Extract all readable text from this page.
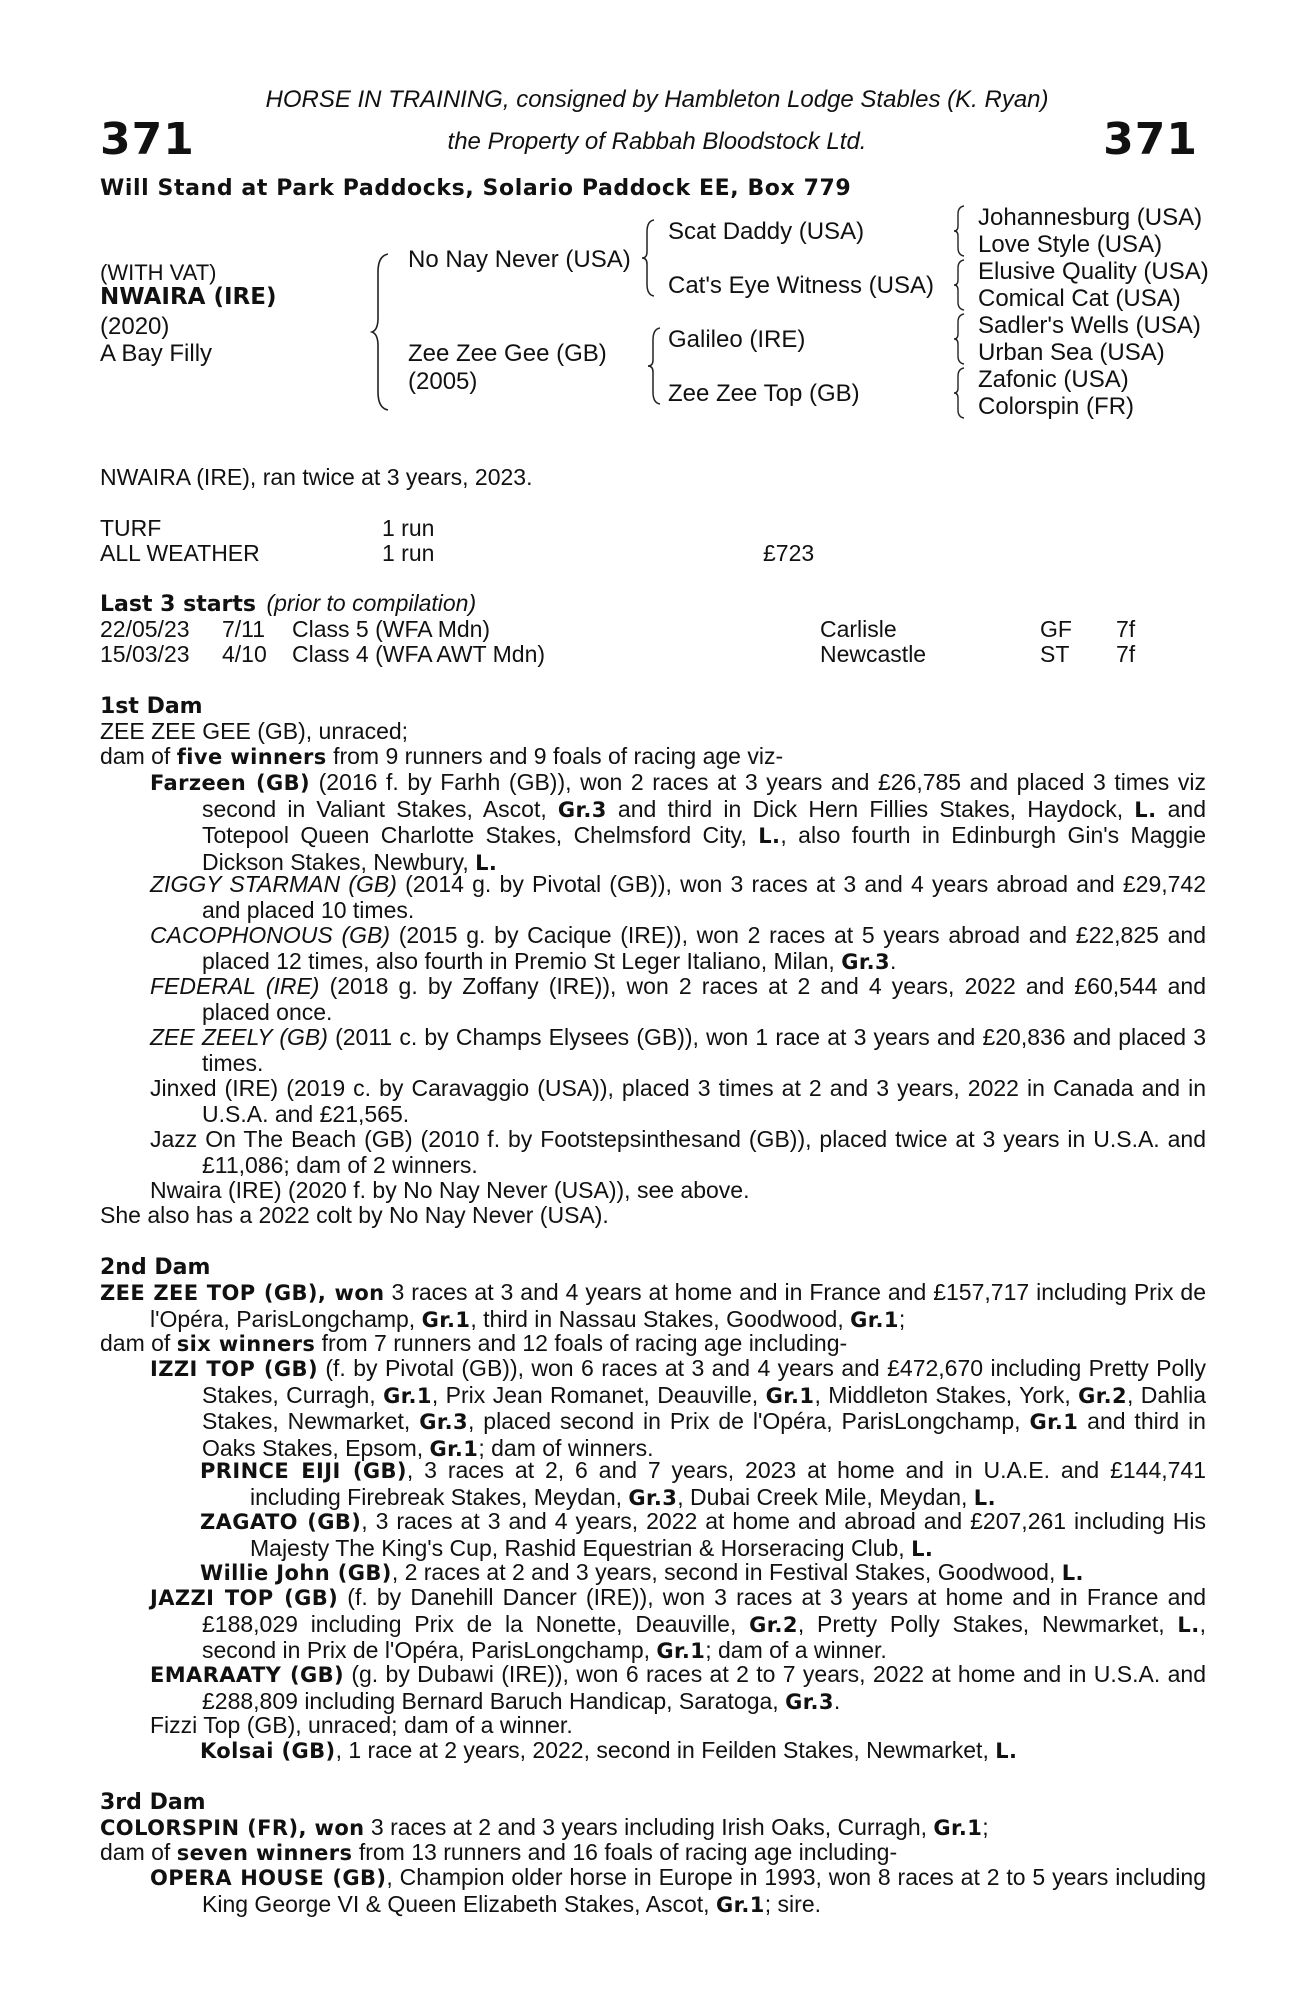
371	371
HORSE IN TRAINING, consigned by Hambleton Lodge Stables (K. Ryan)
the Property of Rabbah Bloodstock Ltd.
Will Stand at Park Paddocks, Solario Paddock EE, Box 779
(WITH VAT)
NWAIRA (IRE)
(2020)
A Bay Filly
No Nay Never (USA)
Zee Zee Gee (GB)
(2005)
Scat Daddy (USA)
Cat's Eye Witness (USA)
Galileo (IRE)
Zee Zee Top (GB)
Johannesburg (USA)
Love Style (USA)
Elusive Quality (USA)
Comical Cat (USA)
Sadler's Wells (USA)
Urban Sea (USA)
Zafonic (USA)
Colorspin (FR)
NWAIRA (IRE), ran twice at 3 years, 2023.
TURF	1 run
ALL WEATHER	1 run	£723
Last 3 starts (prior to compilation)
22/05/23 7/11 Class 5 (WFA Mdn)	Carlisle	GF 7f
15/03/23 4/10 Class 4 (WFA AWT Mdn)	Newcastle	ST 7f
1st Dam
ZEE ZEE GEE (GB), unraced;
dam of five winners from 9 runners and 9 foals of racing age viz-
Farzeen (GB) (2016 f. by Farhh (GB)), won 2 races at 3 years and £26,785 and placed 3 times viz second in Valiant Stakes, Ascot, Gr.3 and third in Dick Hern Fillies Stakes, Haydock, L. and Totepool Queen Charlotte Stakes, Chelmsford City, L., also fourth in Edinburgh Gin's Maggie Dickson Stakes, Newbury, L.
ZIGGY STARMAN (GB) (2014 g. by Pivotal (GB)), won 3 races at 3 and 4 years abroad and £29,742 and placed 10 times.
CACOPHONOUS (GB) (2015 g. by Cacique (IRE)), won 2 races at 5 years abroad and £22,825 and placed 12 times, also fourth in Premio St Leger Italiano, Milan, Gr.3.
FEDERAL (IRE) (2018 g. by Zoffany (IRE)), won 2 races at 2 and 4 years, 2022 and £60,544 and placed once.
ZEE ZEELY (GB) (2011 c. by Champs Elysees (GB)), won 1 race at 3 years and £20,836 and placed 3 times.
Jinxed (IRE) (2019 c. by Caravaggio (USA)), placed 3 times at 2 and 3 years, 2022 in Canada and in U.S.A. and £21,565.
Jazz On The Beach (GB) (2010 f. by Footstepsinthesand (GB)), placed twice at 3 years in U.S.A. and £11,086; dam of 2 winners.
Nwaira (IRE) (2020 f. by No Nay Never (USA)), see above.
She also has a 2022 colt by No Nay Never (USA).
2nd Dam
ZEE ZEE TOP (GB), won 3 races at 3 and 4 years at home and in France and £157,717 including Prix de l'Opéra, ParisLongchamp, Gr.1, third in Nassau Stakes, Goodwood, Gr.1;
dam of six winners from 7 runners and 12 foals of racing age including-
IZZI TOP (GB) (f. by Pivotal (GB)), won 6 races at 3 and 4 years and £472,670 including Pretty Polly Stakes, Curragh, Gr.1, Prix Jean Romanet, Deauville, Gr.1, Middleton Stakes, York, Gr.2, Dahlia Stakes, Newmarket, Gr.3, placed second in Prix de l'Opéra, ParisLongchamp, Gr.1 and third in Oaks Stakes, Epsom, Gr.1; dam of winners.
PRINCE EIJI (GB), 3 races at 2, 6 and 7 years, 2023 at home and in U.A.E. and £144,741 including Firebreak Stakes, Meydan, Gr.3, Dubai Creek Mile, Meydan, L.
ZAGATO (GB), 3 races at 3 and 4 years, 2022 at home and abroad and £207,261 including His Majesty The King's Cup, Rashid Equestrian & Horseracing Club, L.
Willie John (GB), 2 races at 2 and 3 years, second in Festival Stakes, Goodwood, L.
JAZZI TOP (GB) (f. by Danehill Dancer (IRE)), won 3 races at 3 years at home and in France and £188,029 including Prix de la Nonette, Deauville, Gr.2, Pretty Polly Stakes, Newmarket, L., second in Prix de l'Opéra, ParisLongchamp, Gr.1; dam of a winner.
EMARAATY (GB) (g. by Dubawi (IRE)), won 6 races at 2 to 7 years, 2022 at home and in U.S.A. and £288,809 including Bernard Baruch Handicap, Saratoga, Gr.3.
Fizzi Top (GB), unraced; dam of a winner.
Kolsai (GB), 1 race at 2 years, 2022, second in Feilden Stakes, Newmarket, L.
3rd Dam
COLORSPIN (FR), won 3 races at 2 and 3 years including Irish Oaks, Curragh, Gr.1;
dam of seven winners from 13 runners and 16 foals of racing age including-
OPERA HOUSE (GB), Champion older horse in Europe in 1993, won 8 races at 2 to 5 years including King George VI & Queen Elizabeth Stakes, Ascot, Gr.1; sire.
